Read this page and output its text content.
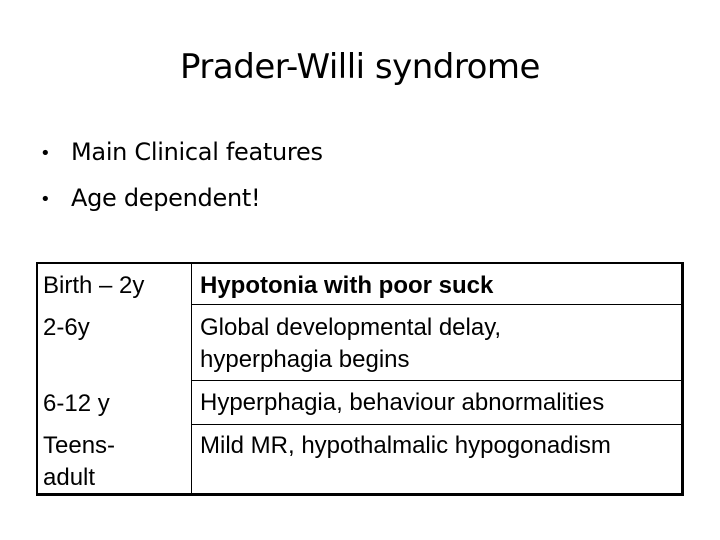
Prader-Willi syndrome
• Main Clinical features
• Age dependent!
Birth – 2y Hypotonia with poor suck
2-6y	Global developmental delay,
hyperphagia begins
6-12 y	Hyperphagia, behaviour abnormalities
Teens-
adult
Mild MR, hypothalmalic hypogonadism
